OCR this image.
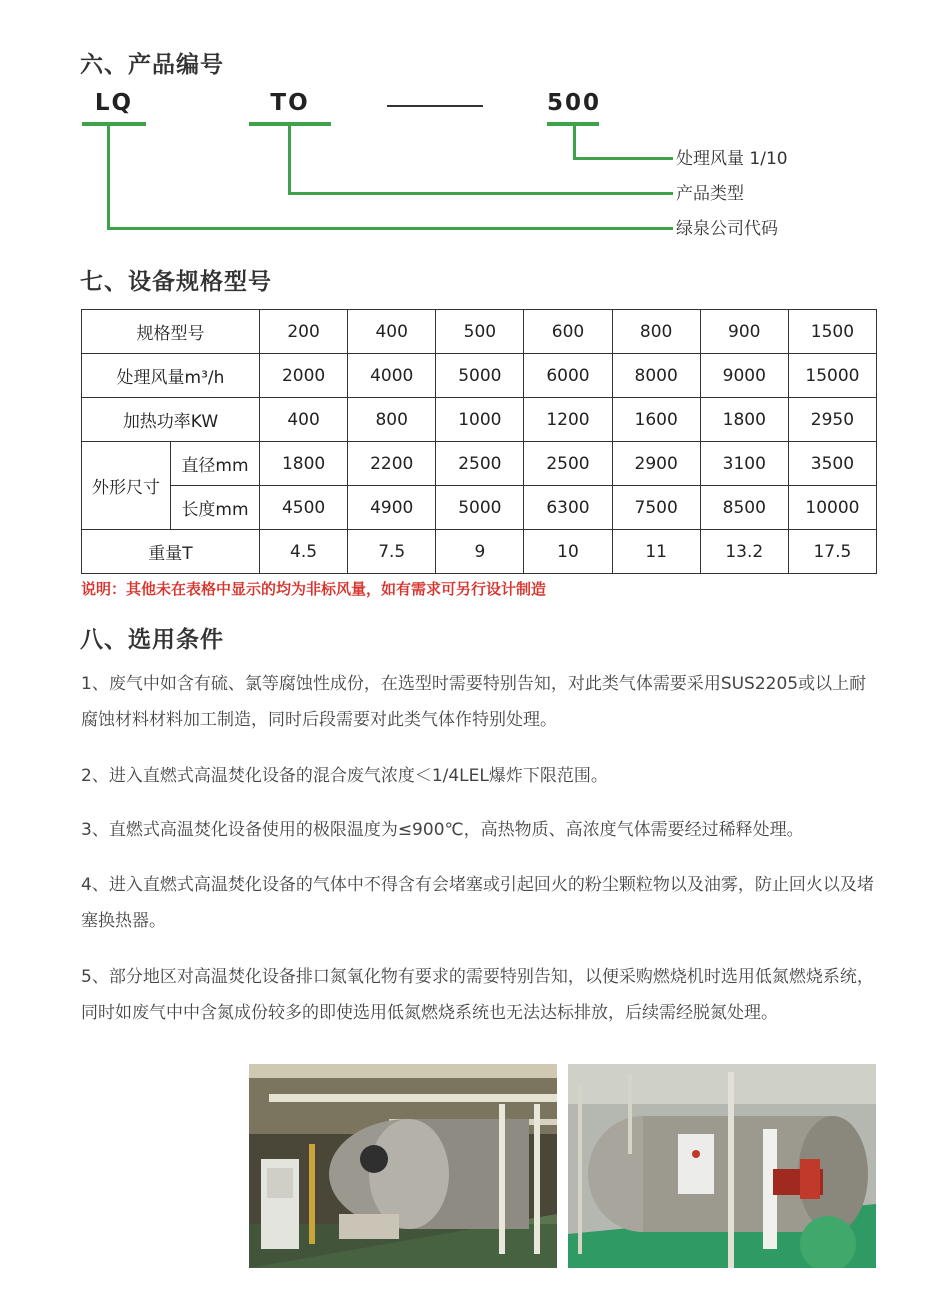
六、产品编号
LQ	TO	500
处理风量 1/10
产品类型
绿泉公司代码
七、设备规格型号
规格型号		200	400	500	600	800	900	1500
处理风量m³/h		2000	4000	5000	6000	8000	9000	15000
加热功率KW		400	800	1000	1200	1600	1800	2950
外形尺寸	直径mm	1800	2200	2500	2500	2900	3100	3500
	长度mm	4500	4900	5000	6300	7500	8500	10000
重量T		4.5	7.5	9	10	11	13.2	17.5
说明：其他未在表格中显示的均为非标风量，如有需求可另行设计制造
八、选用条件

1、废气中如含有硫、氯等腐蚀性成份，在选型时需要特别告知，对此类气体需要采用SUS2205或以上耐腐蚀材料材料加工制造，同时后段需要对此类气体作特别处理。

2、进入直燃式高温焚化设备的混合废气浓度＜1/4LEL爆炸下限范围。

3、直燃式高温焚化设备使用的极限温度为≤900℃，高热物质、高浓度气体需要经过稀释处理。

4、进入直燃式高温焚化设备的气体中不得含有会堵塞或引起回火的粉尘颗粒物以及油雾，防止回火以及堵塞换热器。

5、部分地区对高温焚化设备排口氮氧化物有要求的需要特别告知，以便采购燃烧机时选用低氮燃烧系统，同时如废气中中含氮成份较多的即使选用低氮燃烧系统也无法达标排放，后续需经脱氮处理。
